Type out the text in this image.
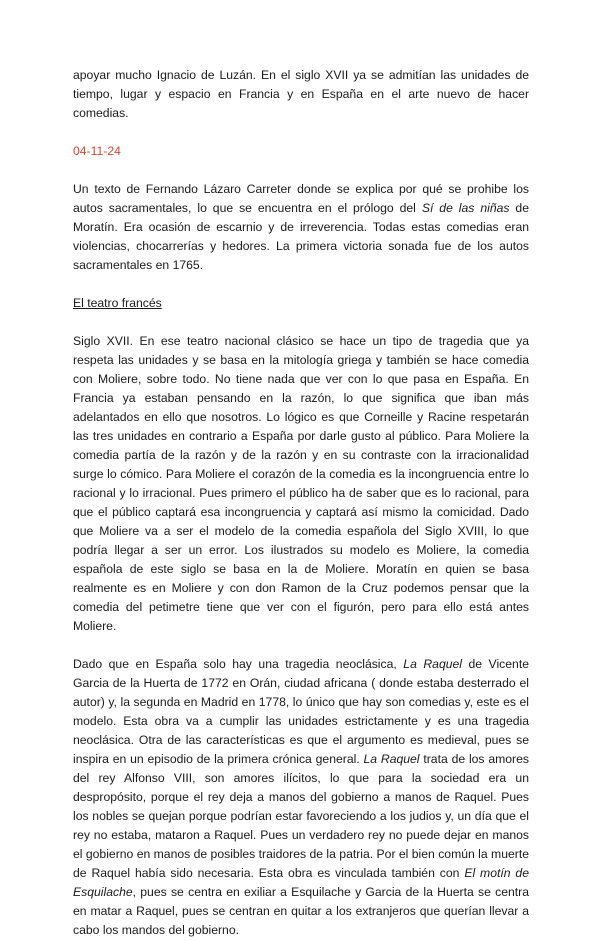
apoyar mucho Ignacio de Luzán. En el siglo XVII ya se admitían las unidades de tiempo, lugar y espacio en Francia y en España en el arte nuevo de hacer comedias.

04-11-24

Un texto de Fernando Lázaro Carreter donde se explica por qué se prohibe los autos sacramentales, lo que se encuentra en el prólogo del Sí de las niñas de Moratín. Era ocasión de escarnio y de irreverencia. Todas estas comedias eran violencias, chocarrerías y hedores. La primera victoria sonada fue de los autos sacramentales en 1765.

El teatro francés

Siglo XVII. En ese teatro nacional clásico se hace un tipo de tragedia que ya respeta las unidades y se basa en la mitología griega y también se hace comedia con Moliere, sobre todo. No tiene nada que ver con lo que pasa en España. En Francia ya estaban pensando en la razón, lo que significa que iban más adelantados en ello que nosotros. Lo lógico es que Corneille y Racine respetarán las tres unidades en contrario a España por darle gusto al público. Para Moliere la comedia partía de la razón y de la razón y en su contraste con la irracionalidad surge lo cómico. Para Moliere el corazón de la comedia es la incongruencia entre lo racional y lo irracional. Pues primero el público ha de saber que es lo racional, para que el público captará esa incongruencia y captará así mismo la comicidad. Dado que Moliere va a ser el modelo de la comedia española del Siglo XVIII, lo que podría llegar a ser un error. Los ilustrados su modelo es Moliere, la comedia española de este siglo se basa en la de Moliere. Moratín en quien se basa realmente es en Moliere y con don Ramon de la Cruz podemos pensar que la comedia del petimetre tiene que ver con el figurón, pero para ello está antes Moliere.

Dado que en España solo hay una tragedia neoclásica, La Raquel de Vicente Garcia de la Huerta de 1772 en Orán, ciudad africana ( donde estaba desterrado el autor) y, la segunda en Madrid en 1778, lo único que hay son comedias y, este es el modelo. Esta obra va a cumplir las unidades estrictamente y es una tragedia neoclásica. Otra de las características es que el argumento es medieval, pues se inspira en un episodio de la primera crónica general. La Raquel trata de los amores del rey Alfonso VIII, son amores ilícitos, lo que para la sociedad era un despropósito, porque el rey deja a manos del gobierno a manos de Raquel. Pues los nobles se quejan porque podrían estar favoreciendo a los judios y, un día que el rey no estaba, mataron a Raquel. Pues un verdadero rey no puede dejar en manos el gobierno en manos de posibles traidores de la patria. Por el bien común la muerte de Raquel había sido necesaria. Esta obra es vinculada también con El motín de Esquilache, pues se centra en exiliar a Esquilache y Garcia de la Huerta se centra en matar a Raquel, pues se centran en quitar a los extranjeros que querían llevar a cabo los mandos del gobierno.
